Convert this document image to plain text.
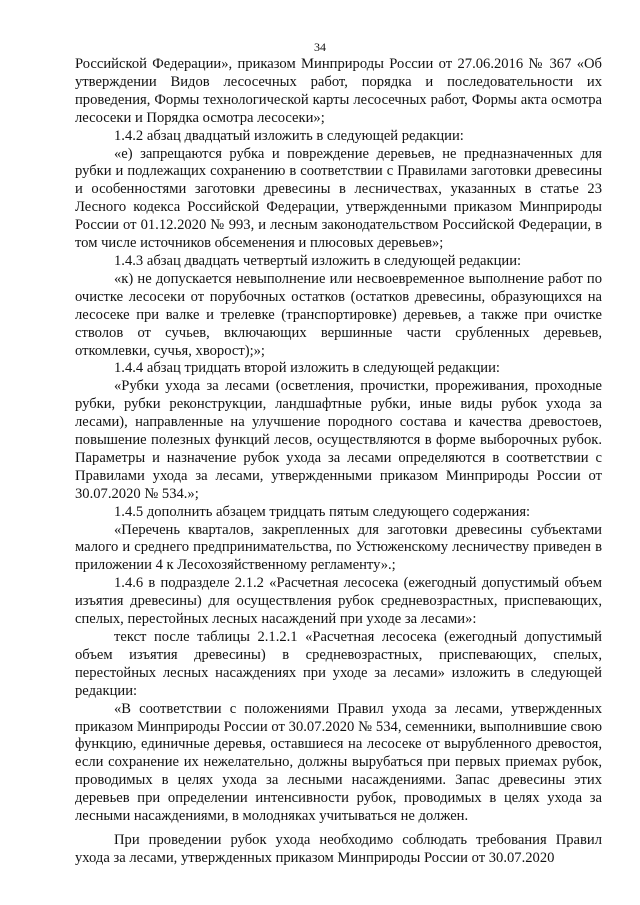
34

Российской Федерации», приказом Минприроды России от 27.06.2016 № 367 «Об утверждении Видов лесосечных работ, порядка и последовательности их проведения, Формы технологической карты лесосечных работ, Формы акта осмотра лесосеки и Порядка осмотра лесосеки»;

1.4.2 абзац двадцатый изложить в следующей редакции:

«е) запрещаются рубка и повреждение деревьев, не предназначенных для рубки и подлежащих сохранению в соответствии с Правилами заготовки древесины и особенностями заготовки древесины в лесничествах, указанных в статье 23 Лесного кодекса Российской Федерации, утвержденными приказом Минприроды России от 01.12.2020 № 993, и лесным законодательством Российской Федерации, в том числе источников обсеменения и плюсовых деревьев»;

1.4.3 абзац двадцать четвертый изложить в следующей редакции:

«к) не допускается невыполнение или несвоевременное выполнение работ по очистке лесосеки от порубочных остатков (остатков древесины, образующихся на лесосеке при валке и трелевке (транспортировке) деревьев, а также при очистке стволов от сучьев, включающих вершинные части срубленных деревьев, откомлевки, сучья, хворост);»;

1.4.4 абзац тридцать второй изложить в следующей редакции:

«Рубки ухода за лесами (осветления, прочистки, прореживания, проходные рубки, рубки реконструкции, ландшафтные рубки, иные виды рубок ухода за лесами), направленные на улучшение породного состава и качества древостоев, повышение полезных функций лесов, осуществляются в форме выборочных рубок. Параметры и назначение рубок ухода за лесами определяются в соответствии с Правилами ухода за лесами, утвержденными приказом Минприроды России от 30.07.2020 № 534.»;

1.4.5 дополнить абзацем тридцать пятым следующего содержания:

«Перечень кварталов, закрепленных для заготовки древесины субъектами малого и среднего предпринимательства, по Устюженскому лесничеству приведен в приложении 4 к Лесохозяйственному регламенту».;

1.4.6 в подразделе 2.1.2 «Расчетная лесосека (ежегодный допустимый объем изъятия древесины) для осуществления рубок средневозрастных, приспевающих, спелых, перестойных лесных насаждений при уходе за лесами»:

текст после таблицы 2.1.2.1 «Расчетная лесосека (ежегодный допустимый объем изъятия древесины) в средневозрастных, приспевающих, спелых, перестойных лесных насаждениях при уходе за лесами» изложить в следующей редакции:

«В соответствии с положениями Правил ухода за лесами, утвержденных приказом Минприроды России от 30.07.2020 № 534, семенники, выполнившие свою функцию, единичные деревья, оставшиеся на лесосеке от вырубленного древостоя, если сохранение их нежелательно, должны вырубаться при первых приемах рубок, проводимых в целях ухода за лесными насаждениями. Запас древесины этих деревьев при определении интенсивности рубок, проводимых в целях ухода за лесными насаждениями, в молодняках учитываться не должен.

При проведении рубок ухода необходимо соблюдать требования Правил ухода за лесами, утвержденных приказом Минприроды России от 30.07.2020
